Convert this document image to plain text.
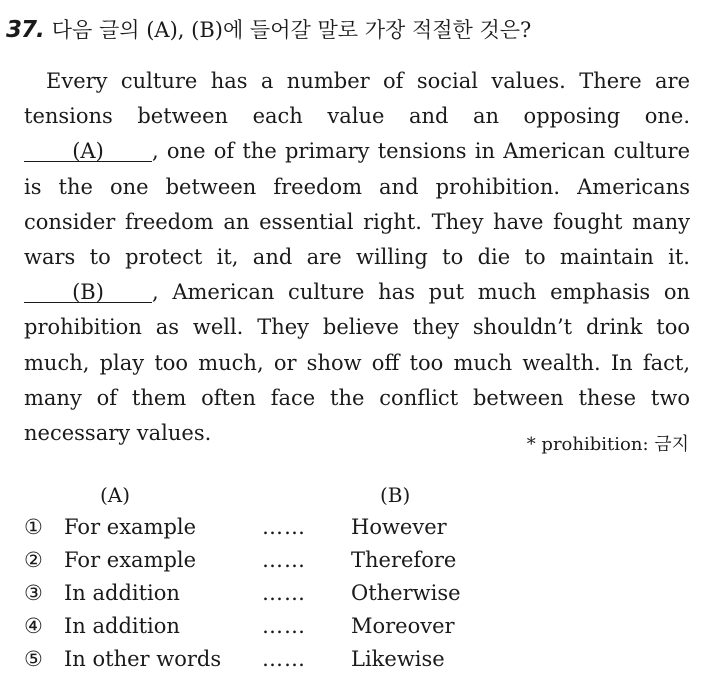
37. 다음 글의 (A), (B)에 들어갈 말로 가장 적절한 것은?

Every culture has a number of social values. There are tensions between each value and an opposing one. (A) , one of the primary tensions in American culture is the one between freedom and prohibition. Americans consider freedom an essential right. They have fought many wars to protect it, and are willing to die to maintain it. (B) , American culture has put much emphasis on prohibition as well. They believe they shouldn’t drink too much, play too much, or show off too much wealth. In fact, many of them often face the conflict between these two necessary values.	* prohibition: 금지
(A)	(B)
① For example	…… However
② For example	…… Therefore
③ In addition	…… Otherwise
④ In addition	…… Moreover
⑤ In other words …… Likewise
